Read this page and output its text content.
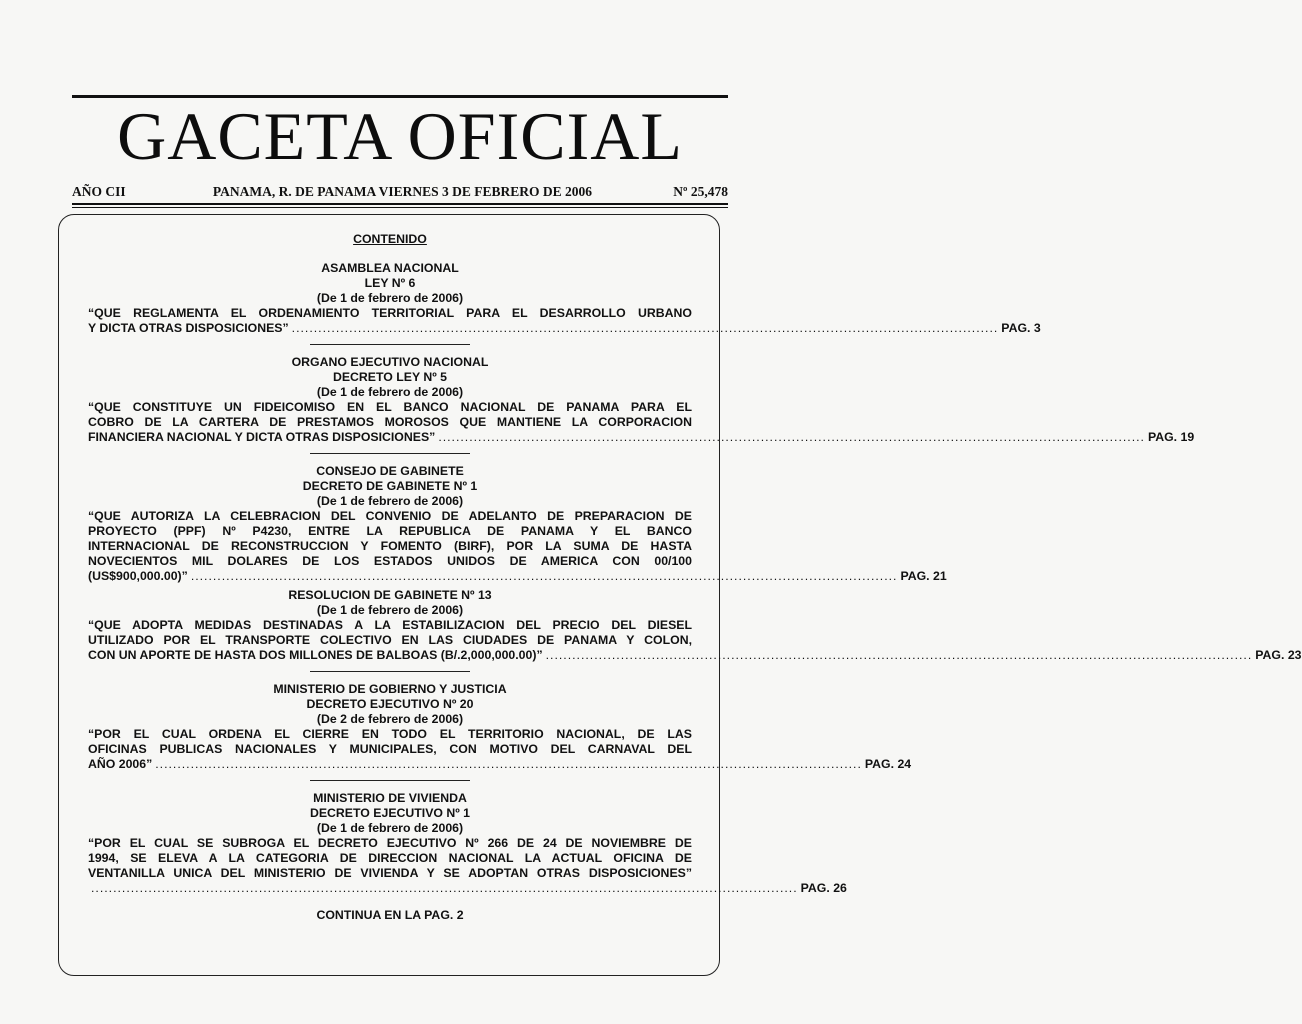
GACETA OFICIAL
AÑO CII	PANAMA, R. DE PANAMA VIERNES 3 DE FEBRERO DE 2006	Nº 25,478
CONTENIDO
ASAMBLEA NACIONAL
LEY Nº 6
(De 1 de febrero de 2006)
“QUE REGLAMENTA EL ORDENAMIENTO TERRITORIAL PARA EL DESARROLLO URBANO
Y DICTA OTRAS DISPOSICIONES” ................................................................................................................................................................ PAG. 3
ORGANO EJECUTIVO NACIONAL
DECRETO LEY Nº 5
(De 1 de febrero de 2006)
“QUE CONSTITUYE UN FIDEICOMISO EN EL BANCO NACIONAL DE PANAMA PARA EL
COBRO DE LA CARTERA DE PRESTAMOS MOROSOS QUE MANTIENE LA CORPORACION
FINANCIERA NACIONAL Y DICTA OTRAS DISPOSICIONES” ................................................................................................................................................................ PAG. 19
CONSEJO DE GABINETE
DECRETO DE GABINETE Nº 1
(De 1 de febrero de 2006)
“QUE AUTORIZA LA CELEBRACION DEL CONVENIO DE ADELANTO DE PREPARACION DE
PROYECTO (PPF) Nº P4230, ENTRE LA REPUBLICA DE PANAMA Y EL BANCO
INTERNACIONAL DE RECONSTRUCCION Y FOMENTO (BIRF), POR LA SUMA DE HASTA
NOVECIENTOS MIL DOLARES DE LOS ESTADOS UNIDOS DE AMERICA CON 00/100
(US$900,000.00)” ................................................................................................................................................................ PAG. 21
RESOLUCION DE GABINETE Nº 13
(De 1 de febrero de 2006)
“QUE ADOPTA MEDIDAS DESTINADAS A LA ESTABILIZACION DEL PRECIO DEL DIESEL
UTILIZADO POR EL TRANSPORTE COLECTIVO EN LAS CIUDADES DE PANAMA Y COLON,
CON UN APORTE DE HASTA DOS MILLONES DE BALBOAS (B/.2,000,000.00)” ................................................................................................................................................................ PAG. 23
MINISTERIO DE GOBIERNO Y JUSTICIA
DECRETO EJECUTIVO Nº 20
(De 2 de febrero de 2006)
“POR EL CUAL ORDENA EL CIERRE EN TODO EL TERRITORIO NACIONAL, DE LAS
OFICINAS PUBLICAS NACIONALES Y MUNICIPALES, CON MOTIVO DEL CARNAVAL DEL
AÑO 2006” ................................................................................................................................................................ PAG. 24
MINISTERIO DE VIVIENDA
DECRETO EJECUTIVO Nº 1
(De 1 de febrero de 2006)
“POR EL CUAL SE SUBROGA EL DECRETO EJECUTIVO Nº 266 DE 24 DE NOVIEMBRE DE
1994, SE ELEVA A LA CATEGORIA DE DIRECCION NACIONAL LA ACTUAL OFICINA DE
VENTANILLA UNICA DEL MINISTERIO DE VIVIENDA Y SE ADOPTAN OTRAS DISPOSICIONES”
................................................................................................................................................................ PAG. 26
CONTINUA EN LA PAG. 2
